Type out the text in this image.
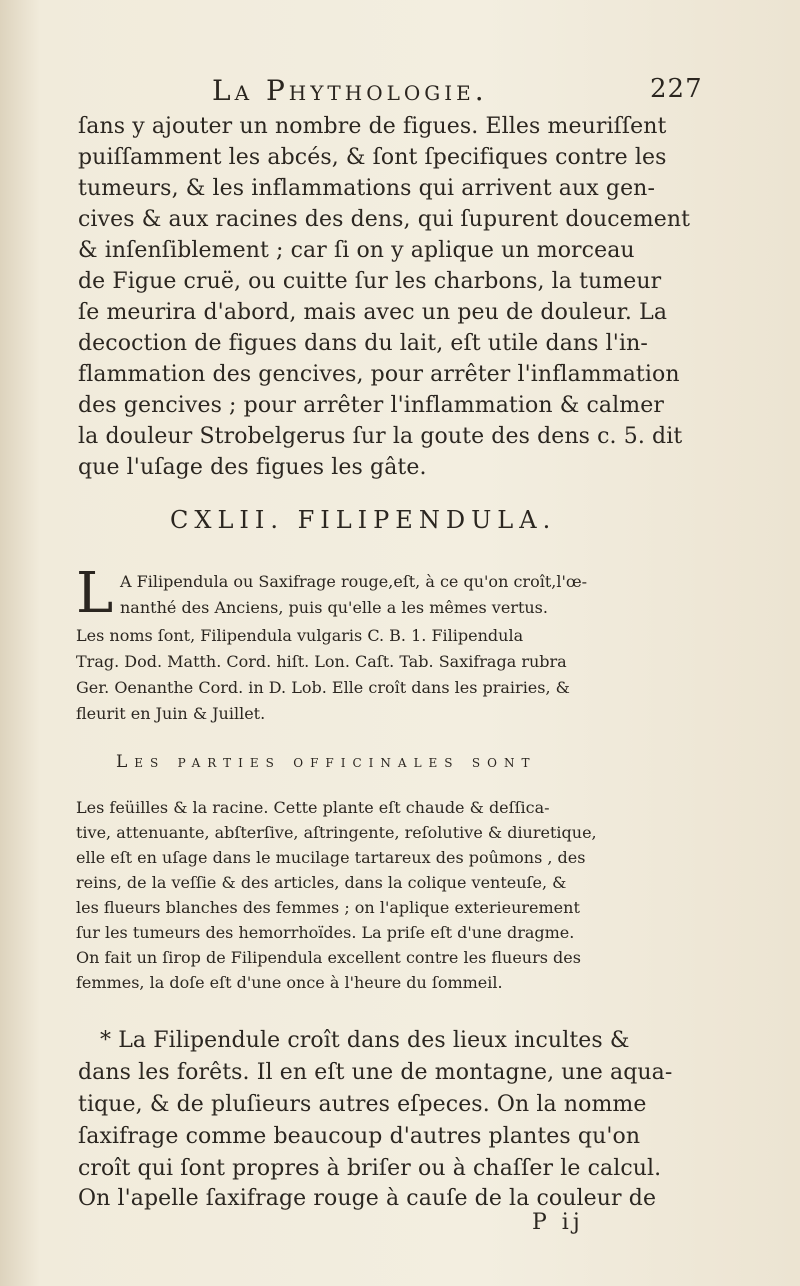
La Phythologie.	227
ſans y ajouter un nombre de figues. Elles meuriſſent
puiſſamment les abcés, & ſont ſpecifiques contre les
tumeurs, & les inflammations qui arrivent aux gen-
cives & aux racines des dens, qui ſupurent doucement
& inſenſiblement ; car ſi on y aplique un morceau
de Figue cruë, ou cuitte ſur les charbons, la tumeur
ſe meurira d'abord, mais avec un peu de douleur. La
decoction de figues dans du lait, eſt utile dans l'in-
flammation des gencives, pour arrêter l'inflammation
des gencives ; pour arrêter l'inflammation & calmer
la douleur Strobelgerus ſur la goute des dens c. 5. dit
que l'uſage des figues les gâte.
CXLII. FILIPENDULA.
L A Filipendula ou Saxifrage rouge,eſt, à ce qu'on croît,l'œ-
nanthé des Anciens, puis qu'elle a les mêmes vertus.
Les noms ſont, Filipendula vulgaris C. B. 1. Filipendula
Trag. Dod. Matth. Cord. hiſt. Lon. Caſt. Tab. Saxifraga rubra
Ger. Oenanthe Cord. in D. Lob. Elle croît dans les prairies, &
fleurit en Juin & Juillet.
Les parties officinales sont
Les feüilles & la racine. Cette plante eſt chaude & deſſica-
tive, attenuante, abſterſive, aſtringente, reſolutive & diuretique,
elle eſt en uſage dans le mucilage tartareux des poûmons , des
reins, de la veſſie & des articles, dans la colique venteuſe, &
les flueurs blanches des femmes ; on l'aplique exterieurement
ſur les tumeurs des hemorrhoïdes. La priſe eſt d'une dragme.
On fait un ſirop de Filipendula excellent contre les flueurs des
femmes, la doſe eſt d'une once à l'heure du ſommeil.
* La Filipendule croît dans des lieux incultes &
dans les forêts. Il en eſt une de montagne, une aqua-
tique, & de pluſieurs autres eſpeces. On la nomme
ſaxifrage comme beaucoup d'autres plantes qu'on
croît qui ſont propres à briſer ou à chaſſer le calcul.
On l'apelle ſaxifrage rouge à cauſe de la couleur de
P ij
